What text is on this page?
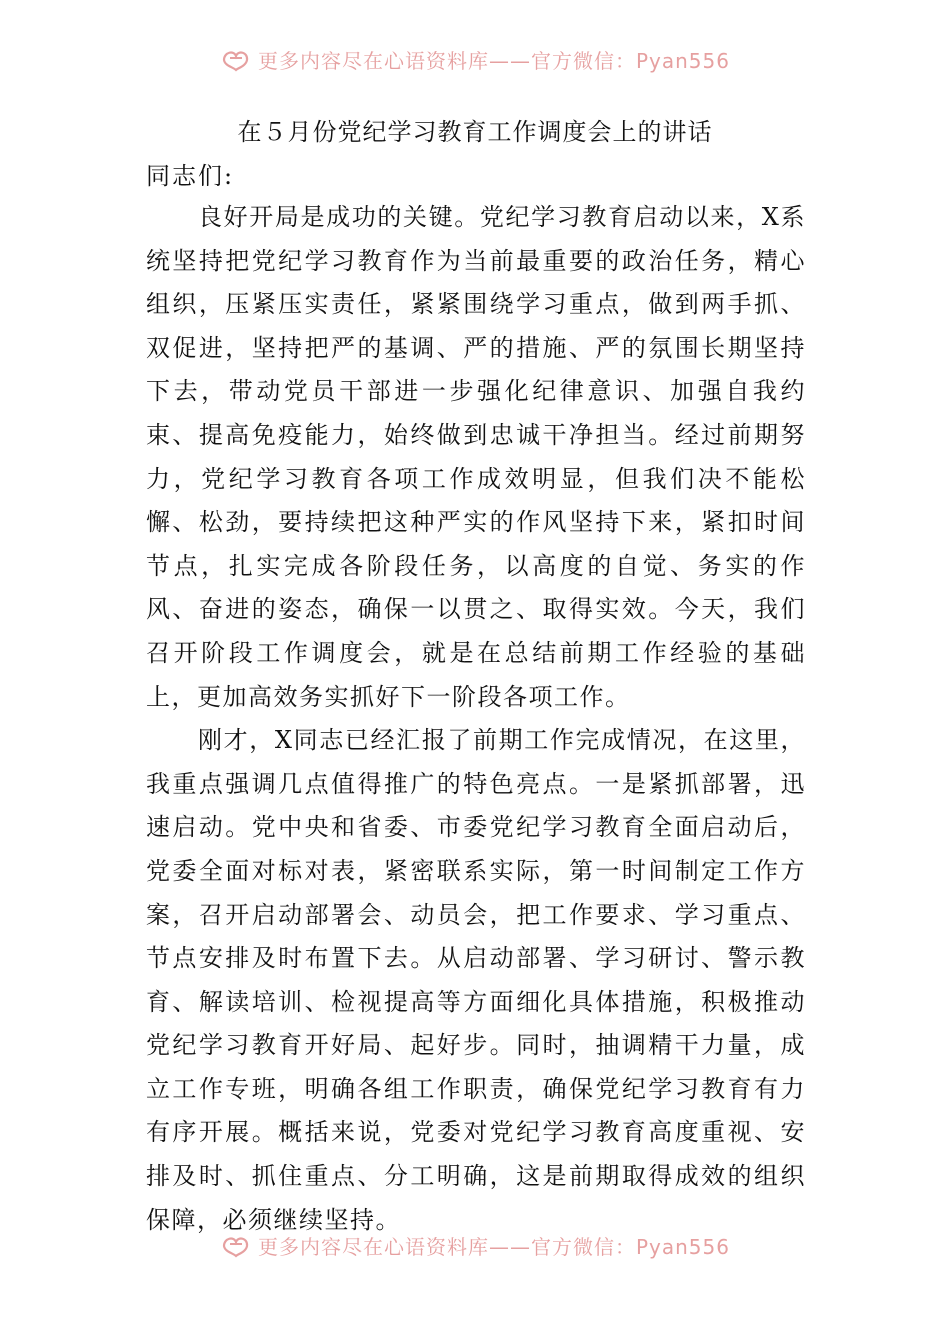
更多内容尽在心语资料库——官方微信：Pyan556
在５月份党纪学习教育工作调度会上的讲话
同志们:

良好开局是成功的关键。党纪学习教育启动以来，X系统坚持把党纪学习教育作为当前最重要的政治任务，精心组织，压紧压实责任，紧紧围绕学习重点，做到两手抓、双促进，坚持把严的基调、严的措施、严的氛围长期坚持下去，带动党员干部进一步强化纪律意识、加强自我约束、提高免疫能力，始终做到忠诚干净担当。经过前期努力，党纪学习教育各项工作成效明显，但我们决不能松懈、松劲，要持续把这种严实的作风坚持下来，紧扣时间节点，扎实完成各阶段任务，以高度的自觉、务实的作风、奋进的姿态，确保一以贯之、取得实效。今天，我们召开阶段工作调度会，就是在总结前期工作经验的基础上，更加高效务实抓好下一阶段各项工作。

刚才，X同志已经汇报了前期工作完成情况，在这里，我重点强调几点值得推广的特色亮点。一是紧抓部署，迅速启动。党中央和省委、市委党纪学习教育全面启动后，党委全面对标对表，紧密联系实际，第一时间制定工作方案，召开启动部署会、动员会，把工作要求、学习重点、节点安排及时布置下去。从启动部署、学习研讨、警示教育、解读培训、检视提高等方面细化具体措施，积极推动党纪学习教育开好局、起好步。同时，抽调精干力量，成立工作专班，明确各组工作职责，确保党纪学习教育有力有序开展。概括来说，党委对党纪学习教育高度重视、安排及时、抓住重点、分工明确，这是前期取得成效的组织保障，必须继续坚持。

更多内容尽在心语资料库——官方微信：Pyan556
